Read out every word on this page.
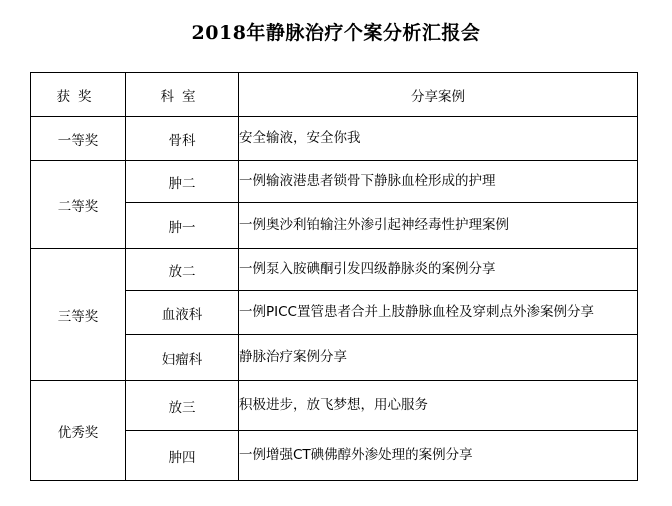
2018年静脉治疗个案分析汇报会
获奖	科室	分享案例
一等奖	骨科	安全输液，安全你我
二等奖	肿二	一例输液港患者锁骨下静脉血栓形成的护理
	肿一	一例奥沙利铂输注外渗引起神经毒性护理案例
三等奖	放二	一例泵入胺碘酮引发四级静脉炎的案例分享
	血液科	一例PICC置管患者合并上肢静脉血栓及穿刺点外渗案例分享
	妇瘤科	静脉治疗案例分享
优秀奖	放三	积极进步，放飞梦想，用心服务
	肿四	一例增强CT碘佛醇外渗处理的案例分享
